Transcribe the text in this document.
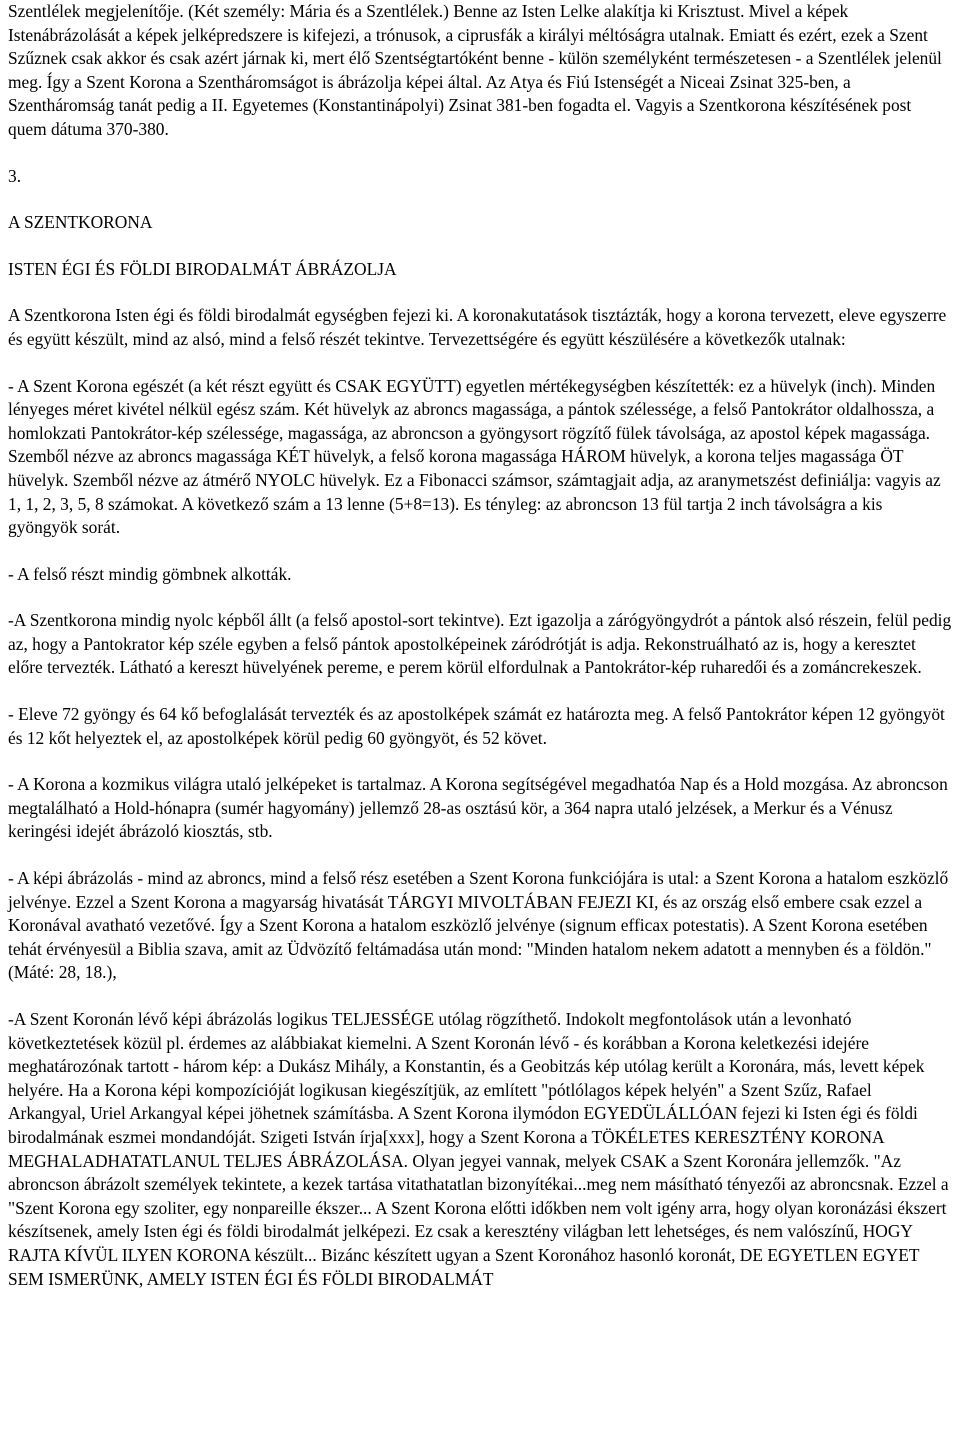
Szentlélek megjelenítője. (Két személy: Mária és a Szentlélek.) Benne az Isten Lelke alakítja ki Krisztust. Mivel a képek Istenábrázolását a képek jelképredszere is kifejezi, a trónusok, a ciprusfák a királyi méltóságra utalnak. Emiatt és ezért, ezek a Szent Szűznek csak akkor és csak azért járnak ki, mert élő Szentségtartóként benne - külön személyként természetesen - a Szentlélek jelenül meg. Így a Szent Korona a Szentháromságot is ábrázolja képei által. Az Atya és Fiú Istenségét a Niceai Zsinat 325-ben, a Szentháromság tanát pedig a II. Egyetemes (Konstantinápolyi) Zsinat 381-ben fogadta el. Vagyis a Szentkorona készítésének post quem dátuma 370-380.

3.

A SZENTKORONA

ISTEN ÉGI ÉS FÖLDI BIRODALMÁT ÁBRÁZOLJA

A Szentkorona Isten égi és földi birodalmát egységben fejezi ki. A koronakutatások tisztázták, hogy a korona tervezett, eleve egyszerre és együtt készült, mind az alsó, mind a felső részét tekintve. Tervezettségére és együtt készülésére a következők utalnak:

- A Szent Korona egészét (a két részt együtt és CSAK EGYÜTT) egyetlen mértékegységben készítették: ez a hüvelyk (inch). Minden lényeges méret kivétel nélkül egész szám. Két hüvelyk az abroncs magassága, a pántok szélessége, a felső Pantokrátor oldalhossza, a homlokzati Pantokrátor-kép szélessége, magassága, az abroncson a gyöngysort rögzítő fülek távolsága, az apostol képek magassága. Szemből nézve az abroncs magassága KÉT hüvelyk, a felső korona magassága HÁROM hüvelyk, a korona teljes magassága ÖT hüvelyk. Szemből nézve az átmérő NYOLC hüvelyk. Ez a Fibonacci számsor, számtagjait adja, az aranymetszést definiálja: vagyis az 1, 1, 2, 3, 5, 8 számokat. A következő szám a 13 lenne (5+8=13). Es tényleg: az abroncson 13 fül tartja 2 inch távolságra a kis gyöngyök sorát.

- A felső részt mindig gömbnek alkották.

-A Szentkorona mindig nyolc képből állt (a felső apostol-sort tekintve). Ezt igazolja a zárógyöngydrót a pántok alsó részein, felül pedig az, hogy a Pantokrator kép széle egyben a felső pántok apostolképeinek záródrótját is adja. Rekonstruálható az is, hogy a keresztet előre tervezték. Látható a kereszt hüvelyének pereme, e perem körül elfordulnak a Pantokrátor-kép ruharedői és a zománcrekeszek.

- Eleve 72 gyöngy és 64 kő befoglalását tervezték és az apostolképek számát ez határozta meg. A felső Pantokrátor képen 12 gyöngyöt és 12 kőt helyeztek el, az apostolképek körül pedig 60 gyöngyöt, és 52 követ.

- A Korona a kozmikus világra utaló jelképeket is tartalmaz. A Korona segítségével megadhatóa Nap és a Hold mozgása. Az abroncson megtalálható a Hold-hónapra (sumér hagyomány) jellemző 28-as osztású kör, a 364 napra utaló jelzések, a Merkur és a Vénusz keringési idejét ábrázoló kiosztás, stb.

- A képi ábrázolás - mind az abroncs, mind a felső rész esetében a Szent Korona funkciójára is utal: a Szent Korona a hatalom eszközlő jelvénye. Ezzel a Szent Korona a magyarság hivatását TÁRGYI MIVOLTÁBAN FEJEZI KI, és az ország első embere csak ezzel a Koronával avatható vezetővé. Így a Szent Korona a hatalom eszközlő jelvénye (signum efficax potestatis). A Szent Korona esetében tehát érvényesül a Biblia szava, amit az Üdvözítő feltámadása után mond: "Minden hatalom nekem adatott a mennyben és a földön." (Máté: 28, 18.),

-A Szent Koronán lévő képi ábrázolás logikus TELJESSÉGE utólag rögzíthető. Indokolt megfontolások után a levonható következtetések közül pl. érdemes az alábbiakat kiemelni. A Szent Koronán lévő - és korábban a Korona keletkezési idejére meghatározónak tartott - három kép: a Dukász Mihály, a Konstantin, és a Geobitzás kép utólag került a Koronára, más, levett képek helyére. Ha a Korona képi kompozícióját logikusan kiegészítjük, az említett "pótlólagos képek helyén" a Szent Szűz, Rafael Arkangyal, Uriel Arkangyal képei jöhetnek számításba. A Szent Korona ilymódon EGYEDÜLÁLLÓAN fejezi ki Isten égi és földi birodalmának eszmei mondandóját. Szigeti István írja[xxx], hogy a Szent Korona a TÖKÉLETES KERESZTÉNY KORONA MEGHALADHATATLANUL TELJES ÁBRÁZOLÁSA. Olyan jegyei vannak, melyek CSAK a Szent Koronára jellemzők. "Az abroncson ábrázolt személyek tekintete, a kezek tartása vitathatatlan bizonyítékai...meg nem másítható tényezői az abroncsnak. Ezzel a "Szent Korona egy szoliter, egy nonpareille ékszer... A Szent Korona előtti időkben nem volt igény arra, hogy olyan koronázási ékszert készítsenek, amely Isten égi és földi birodalmát jelképezi. Ez csak a keresztény világban lett lehetséges, és nem valószínű, HOGY RAJTA KÍVÜL ILYEN KORONA készült... Bizánc készített ugyan a Szent Koronához hasonló koronát, DE EGYETLEN EGYET SEM ISMERÜNK, AMELY ISTEN ÉGI ÉS FÖLDI BIRODALMÁT
